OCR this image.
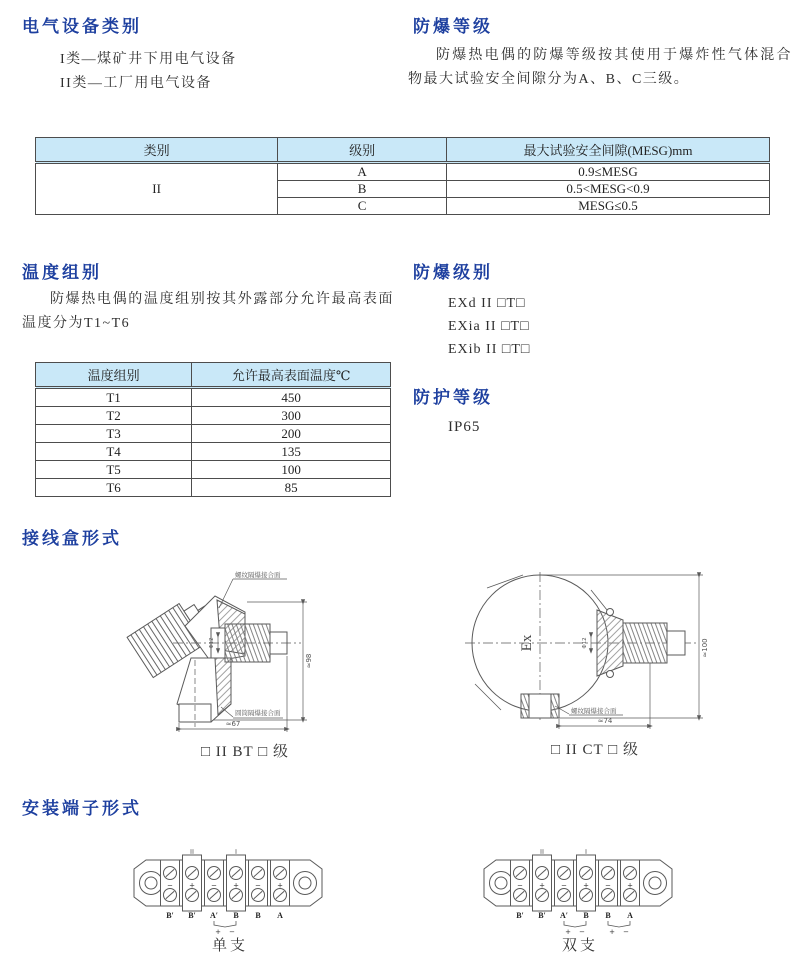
电气设备类别
I类—煤矿井下用电气设备
II类—工厂用电气设备
防爆等级
防爆热电偶的防爆等级按其使用于爆炸性气体混合物最大试验安全间隙分为A、B、C三级。
类别	级别	最大试验安全间隙(MESG)mm
II	A	0.9≤MESG
	B	0.5<MESG<0.9
	C	MESG≤0.5
温度组别
防爆热电偶的温度组别按其外露部分允许最高表面温度分为T1~T6
温度组别	允许最高表面温度℃
T1	450
T2	300
T3	200
T4	135
T5	100
T6	85
防爆级别
EXd II □T□
EXia II □T□
EXib II □T□
防护等级
IP65
接线盒形式
螺纹隔爆接合面
圆筒隔爆接合面
Φ12
≈98
≈67
□ II BT □ 级
Ex
螺纹隔爆接合面
Φ12	≈100
≈74
□ II CT □ 级
安装端子形式
II	I
− + − + − +
B′ B′ A′ B B A
+ −
单支
II	I
− + − + − +
B′ B′ A′ B B A
+ −	+ −
双支
